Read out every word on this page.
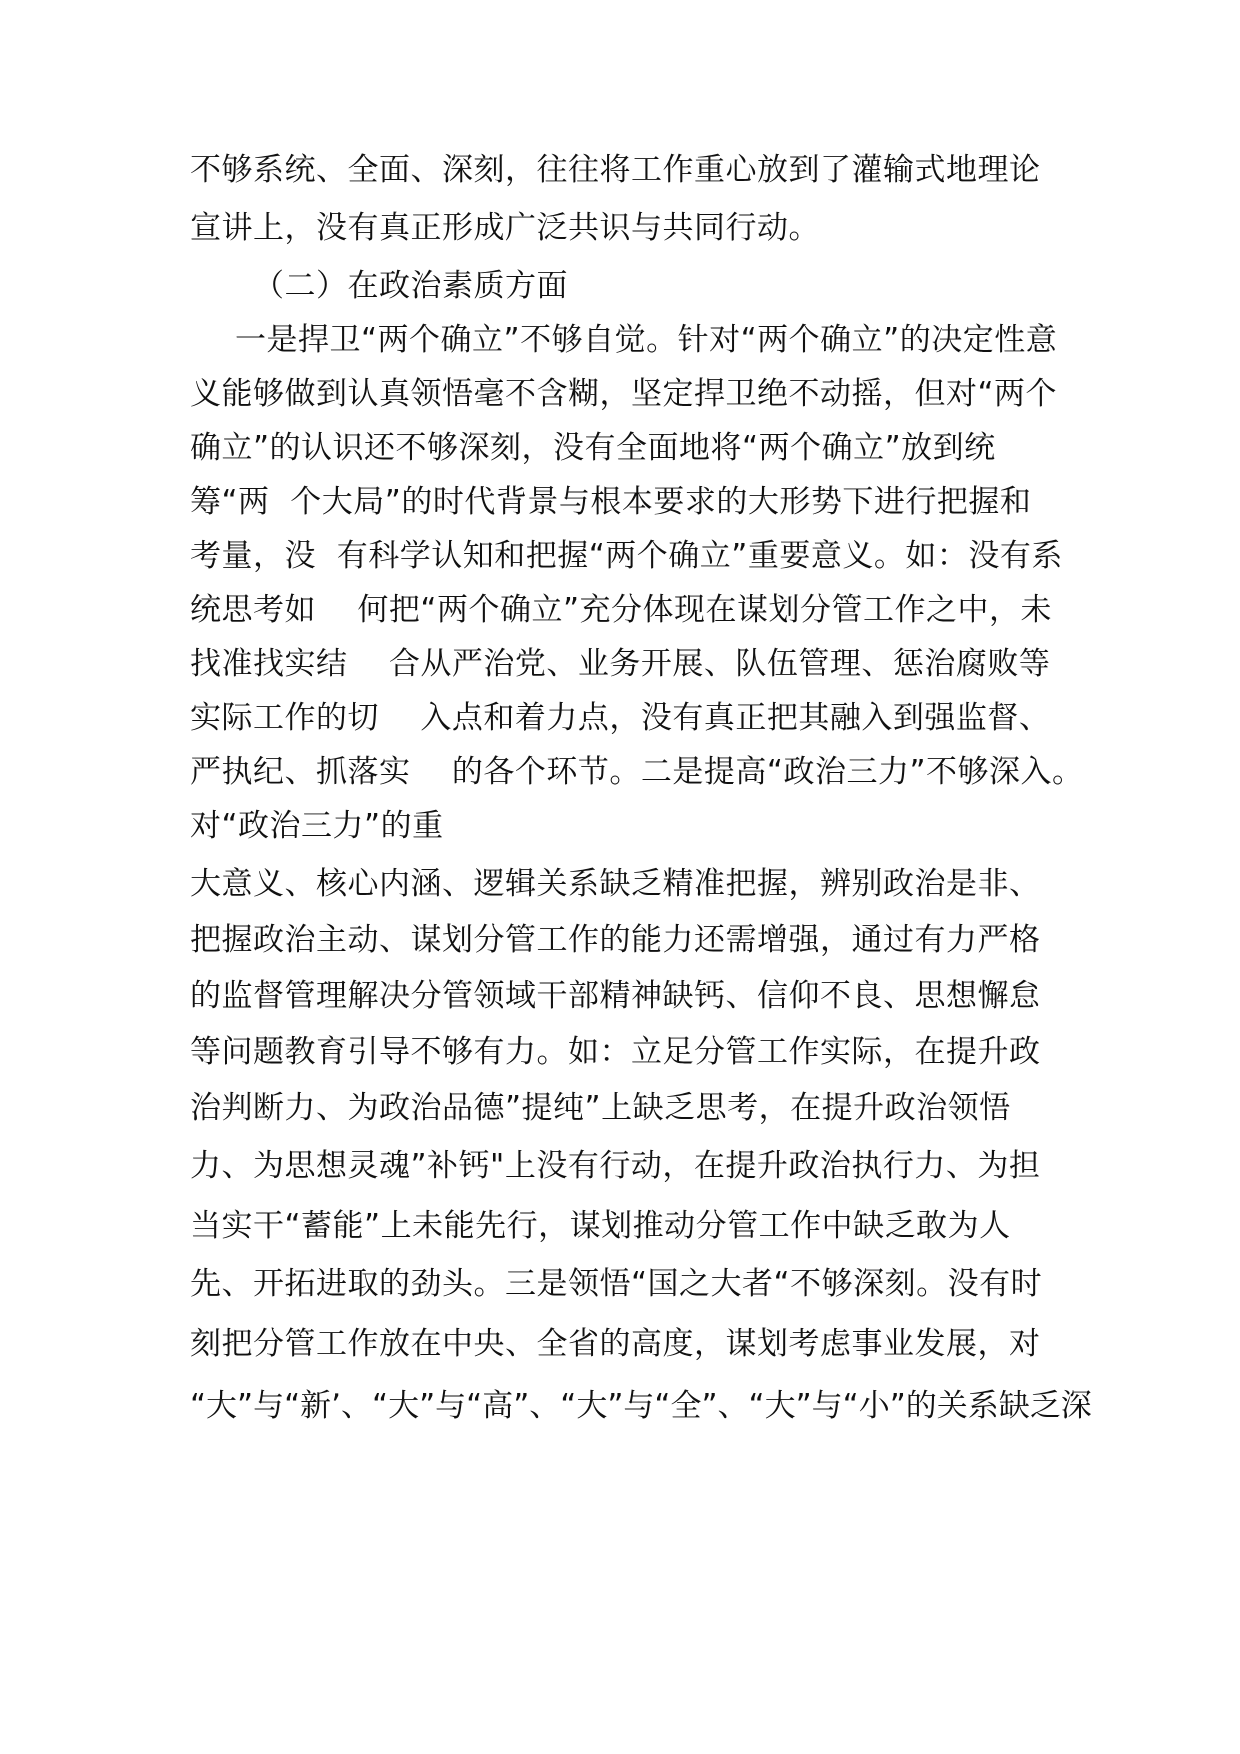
不够系统、全面、深刻，往往将工作重心放到了灌输式地理论
宣讲上，没有真正形成广泛共识与共同行动。
（二）在政治素质方面
一是捍卫“两个确立”不够自觉。针对“两个确立”的决定性意
义能够做到认真领悟毫不含糊，坚定捍卫绝不动摇，但对“两个
确立”的认识还不够深刻，没有全面地将“两个确立”放到统
筹“两  个大局”的时代背景与根本要求的大形势下进行把握和
考量，没  有科学认知和把握“两个确立”重要意义。如：没有系
统思考如    何把“两个确立”充分体现在谋划分管工作之中，未
找准找实结    合从严治党、业务开展、队伍管理、惩治腐败等
实际工作的切    入点和着力点，没有真正把其融入到强监督、
严执纪、抓落实    的各个环节。二是提高“政治三力”不够深入。
对“政治三力”的重
大意义、核心内涵、逻辑关系缺乏精准把握，辨别政治是非、
把握政治主动、谋划分管工作的能力还需增强，通过有力严格
的监督管理解决分管领域干部精神缺钙、信仰不良、思想懈怠
等问题教育引导不够有力。如：立足分管工作实际，在提升政
治判断力、为政治品德”提纯”上缺乏思考，在提升政治领悟
力、为思想灵魂”补钙"上没有行动，在提升政治执行力、为担
当实干“蓄能”上未能先行，谋划推动分管工作中缺乏敢为人
先、开拓进取的劲头。三是领悟“国之大者“不够深刻。没有时
刻把分管工作放在中央、全省的高度，谋划考虑事业发展，对
“大”与“新’、“大”与“高”、“大”与“全”、“大”与“小”的关系缺乏深
